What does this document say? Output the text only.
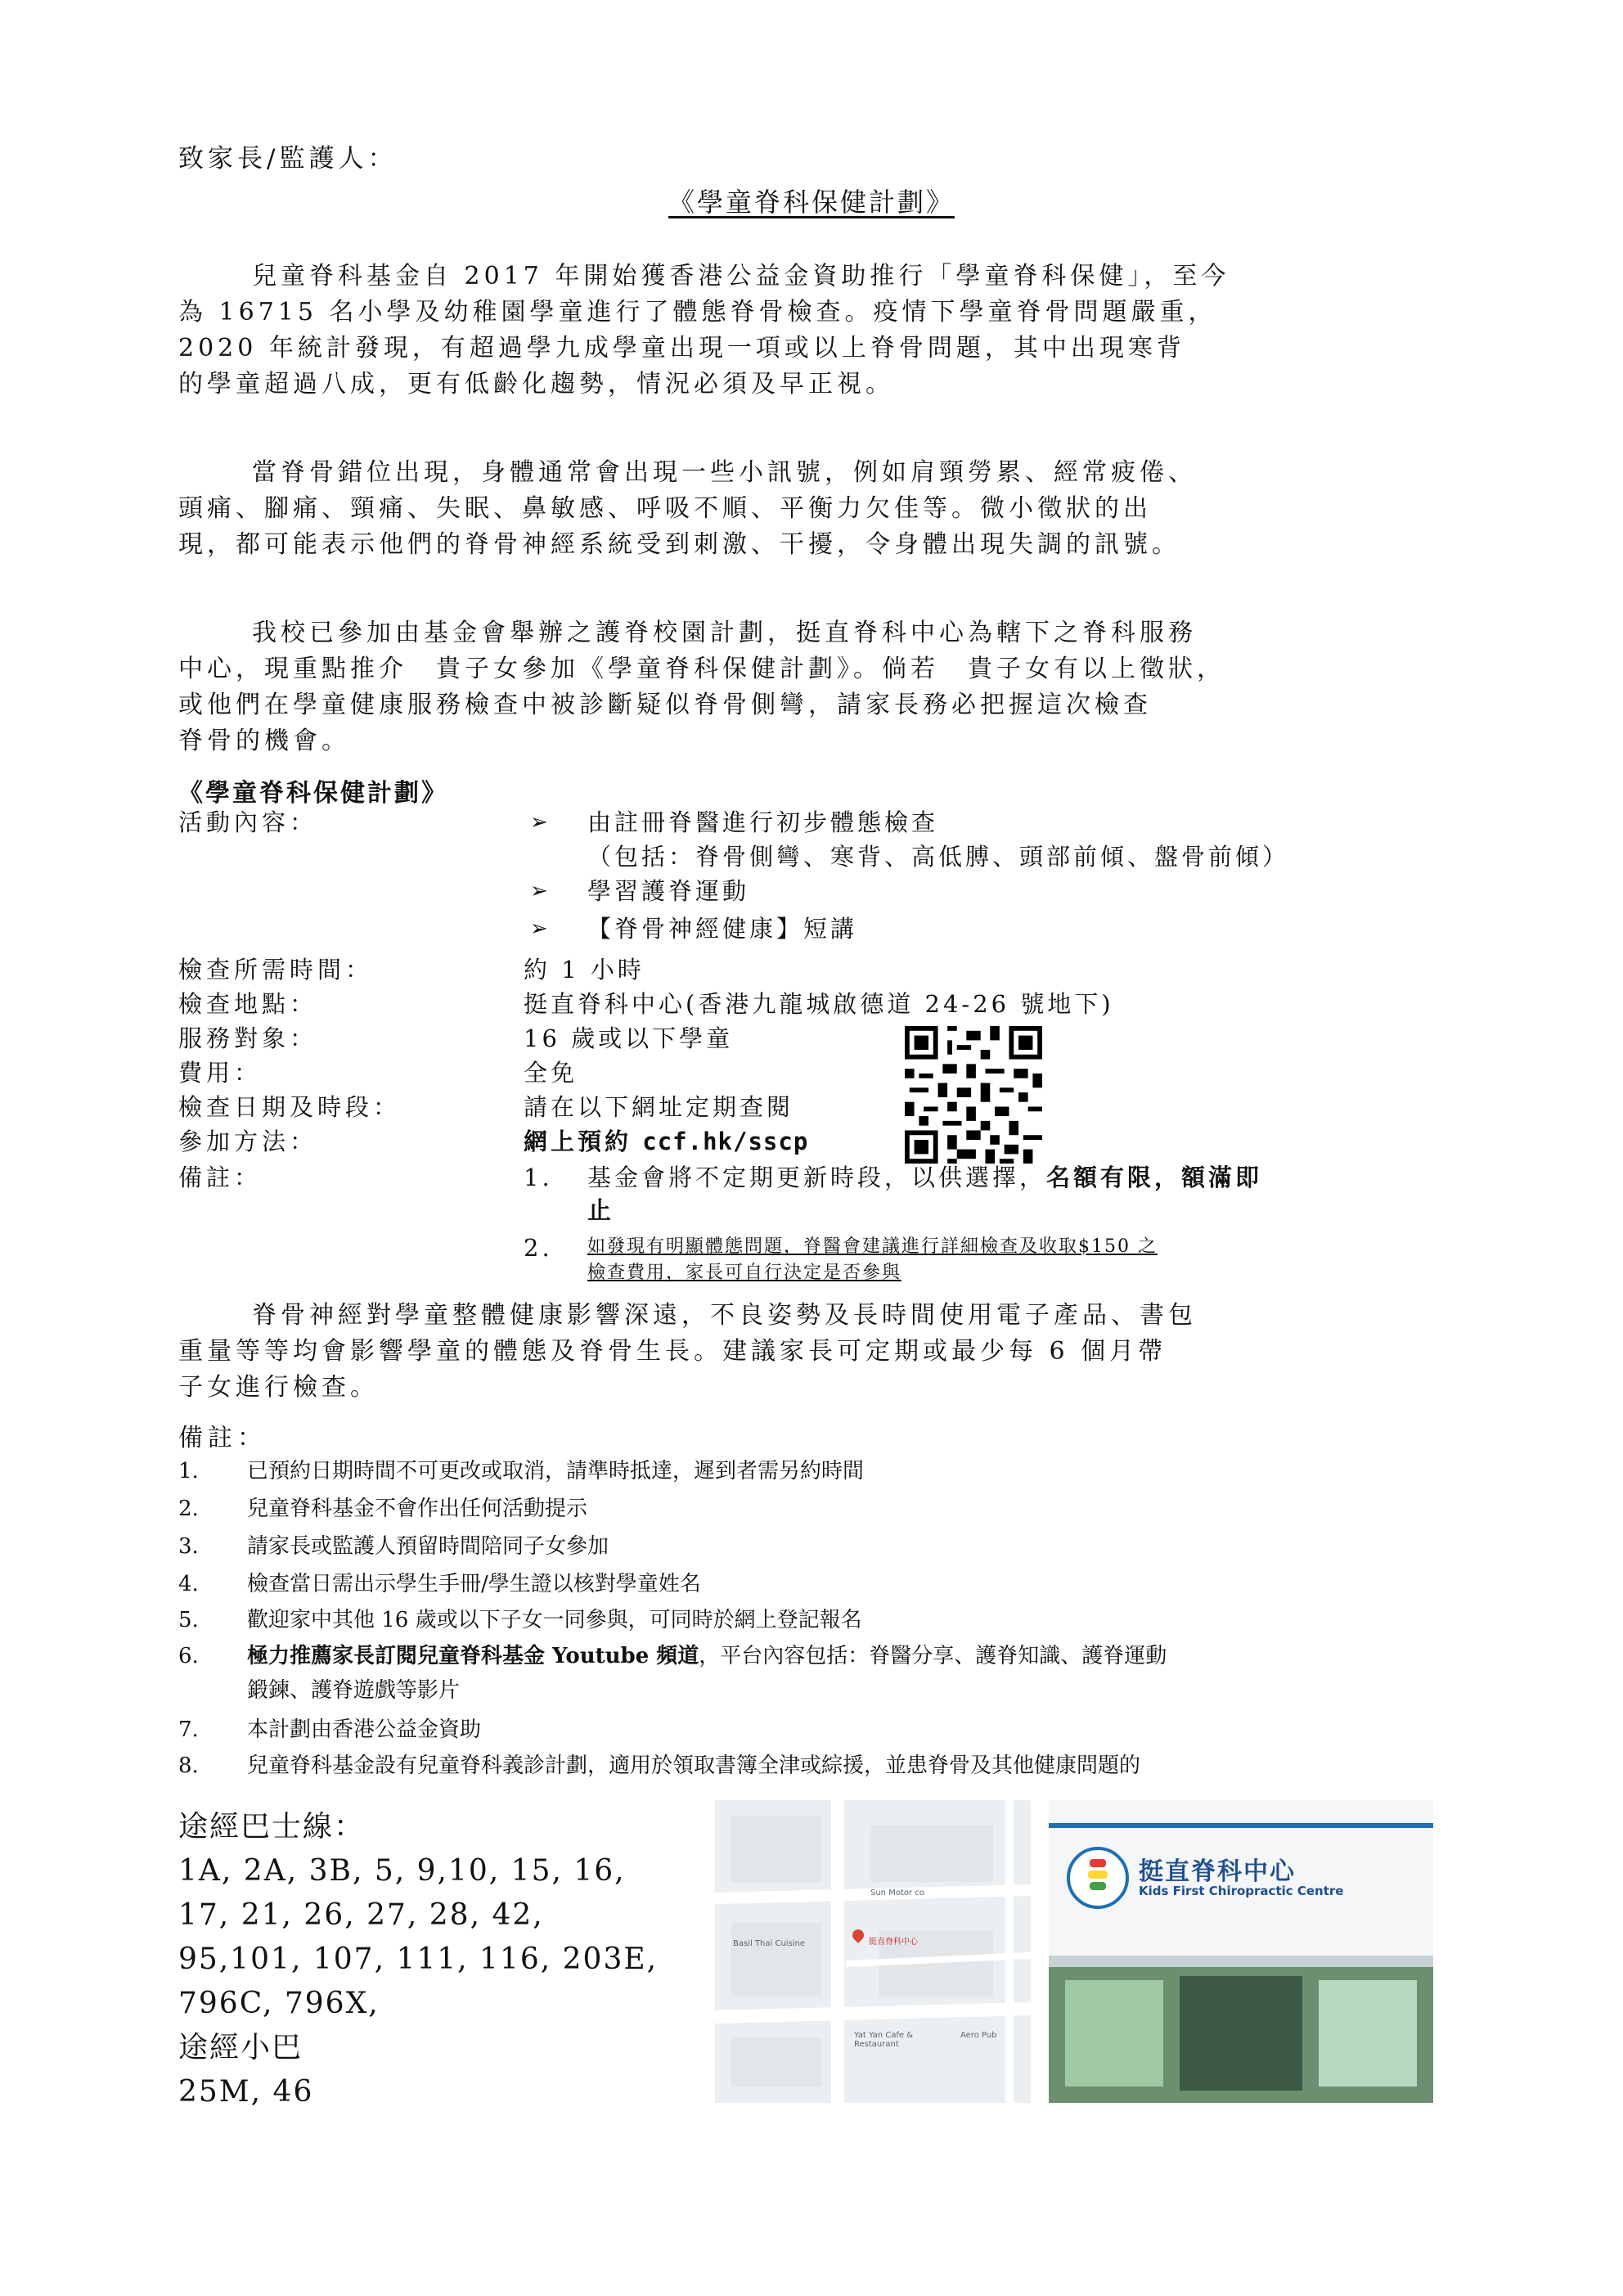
致家長/監護人：
《學童脊科保健計劃》
兒童脊科基金自 2017 年開始獲香港公益金資助推行「學童脊科保健」，至今
為 16715 名小學及幼稚園學童進行了體態脊骨檢查。疫情下學童脊骨問題嚴重，
2020 年統計發現，有超過學九成學童出現一項或以上脊骨問題，其中出現寒背
的學童超過八成，更有低齡化趨勢，情況必須及早正視。
當脊骨錯位出現，身體通常會出現一些小訊號，例如肩頸勞累、經常疲倦、
頭痛、腳痛、頸痛、失眠、鼻敏感、呼吸不順、平衡力欠佳等。微小徵狀的出
現，都可能表示他們的脊骨神經系統受到刺激、干擾，令身體出現失調的訊號。
我校已參加由基金會舉辦之護脊校園計劃，挺直脊科中心為轄下之脊科服務
中心，現重點推介　貴子女參加《學童脊科保健計劃》。倘若　貴子女有以上徵狀，
或他們在學童健康服務檢查中被診斷疑似脊骨側彎，請家長務必把握這次檢查
脊骨的機會。
《學童脊科保健計劃》
活動內容：	➢ 由註冊脊醫進行初步體態檢查
（包括：脊骨側彎、寒背、高低膊、頭部前傾、盤骨前傾）
➢ 學習護脊運動
➢ 【脊骨神經健康】短講
檢查所需時間：	約 1 小時
檢查地點：	挺直脊科中心(香港九龍城啟德道 24-26 號地下)
服務對象：	16 歲或以下學童
費用：	全免
檢查日期及時段：	請在以下網址定期查閱
參加方法：	網上預約 ccf.hk/sscp
備註：	1. 基金會將不定期更新時段，以供選擇，名額有限，額滿即
止
2. 如發現有明顯體態問題，脊醫會建議進行詳細檢查及收取$150 之
檢查費用，家長可自行決定是否參與
脊骨神經對學童整體健康影響深遠，不良姿勢及長時間使用電子產品、書包
重量等等均會影響學童的體態及脊骨生長。建議家長可定期或最少每 6 個月帶
子女進行檢查。
備註：
1. 已預約日期時間不可更改或取消，請準時抵達，遲到者需另約時間
2. 兒童脊科基金不會作出任何活動提示
3. 請家長或監護人預留時間陪同子女參加
4. 檢查當日需出示學生手冊/學生證以核對學童姓名
5. 歡迎家中其他 16 歲或以下子女一同參與，可同時於網上登記報名
6. 極力推薦家長訂閱兒童脊科基金 Youtube 頻道，平台內容包括：脊醫分享、護脊知識、護脊運動
鍛鍊、護脊遊戲等影片
7. 本計劃由香港公益金資助
8. 兒童脊科基金設有兒童脊科義診計劃，適用於領取書簿全津或綜援，並患脊骨及其他健康問題的
途經巴士線：
1A, 2A, 3B, 5, 9,10, 15, 16,
17, 21, 26, 27, 28, 42,
95,101, 107, 111, 116, 203E,
796C, 796X,
途經小巴
25M, 46
Sun Motor co
Basil Thai Cuisine
Yat Yan Cafe & Restaurant
Aero Pub
挺直脊科中心
挺直脊科中心
Kids First Chiropractic Centre
